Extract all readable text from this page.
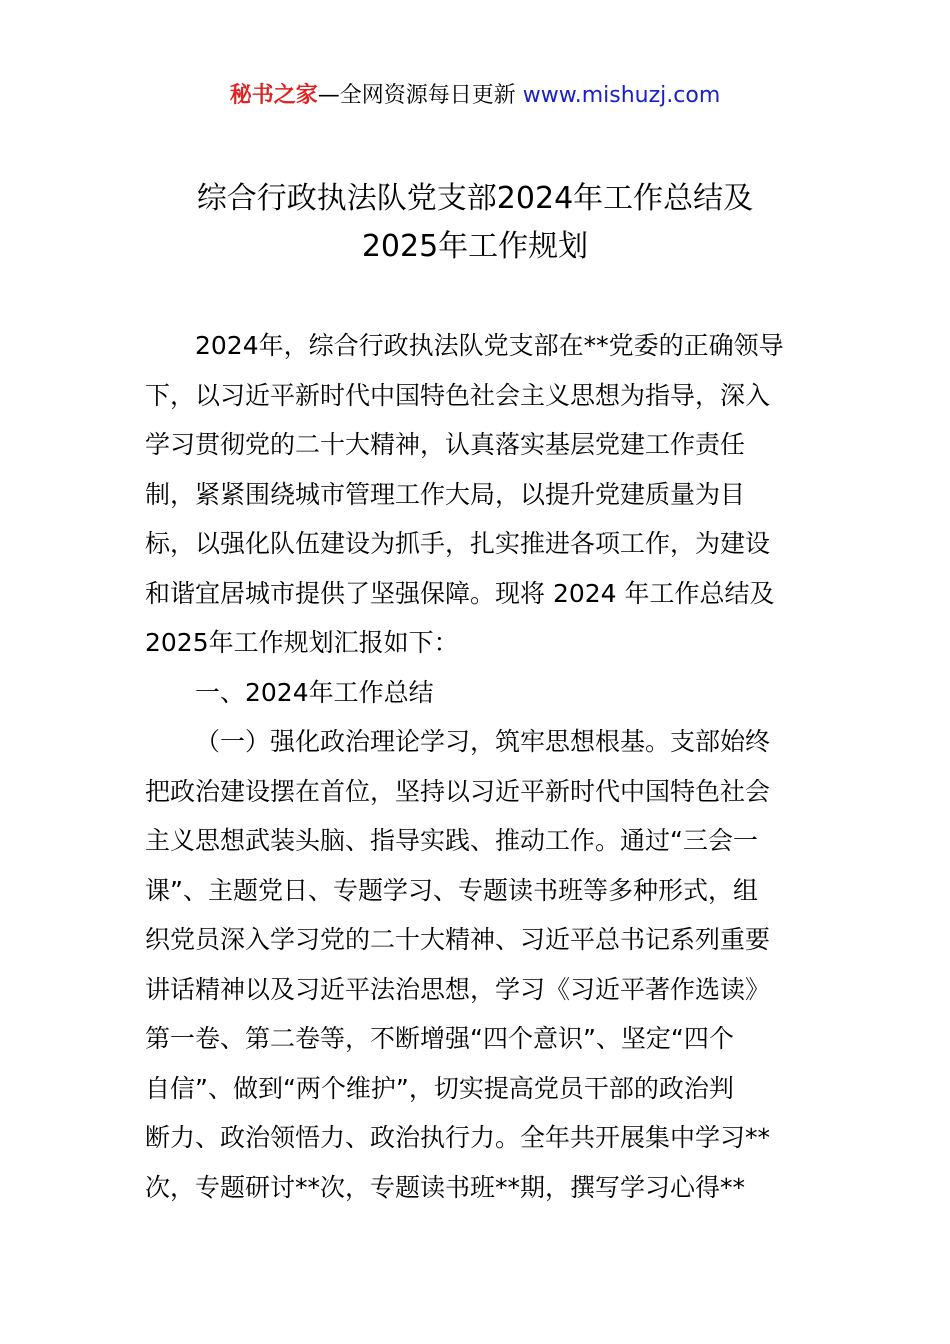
秘书之家—全网资源每日更新 www.mishuzj.com
综合行政执法队党支部2024年工作总结及
2025年工作规划
2024年，综合行政执法队党支部在**党委的正确领导
下，以习近平新时代中国特色社会主义思想为指导，深入
学习贯彻党的二十大精神，认真落实基层党建工作责任
制，紧紧围绕城市管理工作大局，以提升党建质量为目
标，以强化队伍建设为抓手，扎实推进各项工作，为建设
和谐宜居城市提供了坚强保障。现将 2024 年工作总结及
2025年工作规划汇报如下：
一、2024年工作总结
（一）强化政治理论学习，筑牢思想根基。支部始终
把政治建设摆在首位，坚持以习近平新时代中国特色社会
主义思想武装头脑、指导实践、推动工作。通过“三会一
课”、主题党日、专题学习、专题读书班等多种形式，组
织党员深入学习党的二十大精神、习近平总书记系列重要
讲话精神以及习近平法治思想，学习《习近平著作选读》
第一卷、第二卷等，不断增强“四个意识”、坚定“四个
自信”、做到“两个维护”，切实提高党员干部的政治判
断力、政治领悟力、政治执行力。全年共开展集中学习**
次，专题研讨**次，专题读书班**期，撰写学习心得**
